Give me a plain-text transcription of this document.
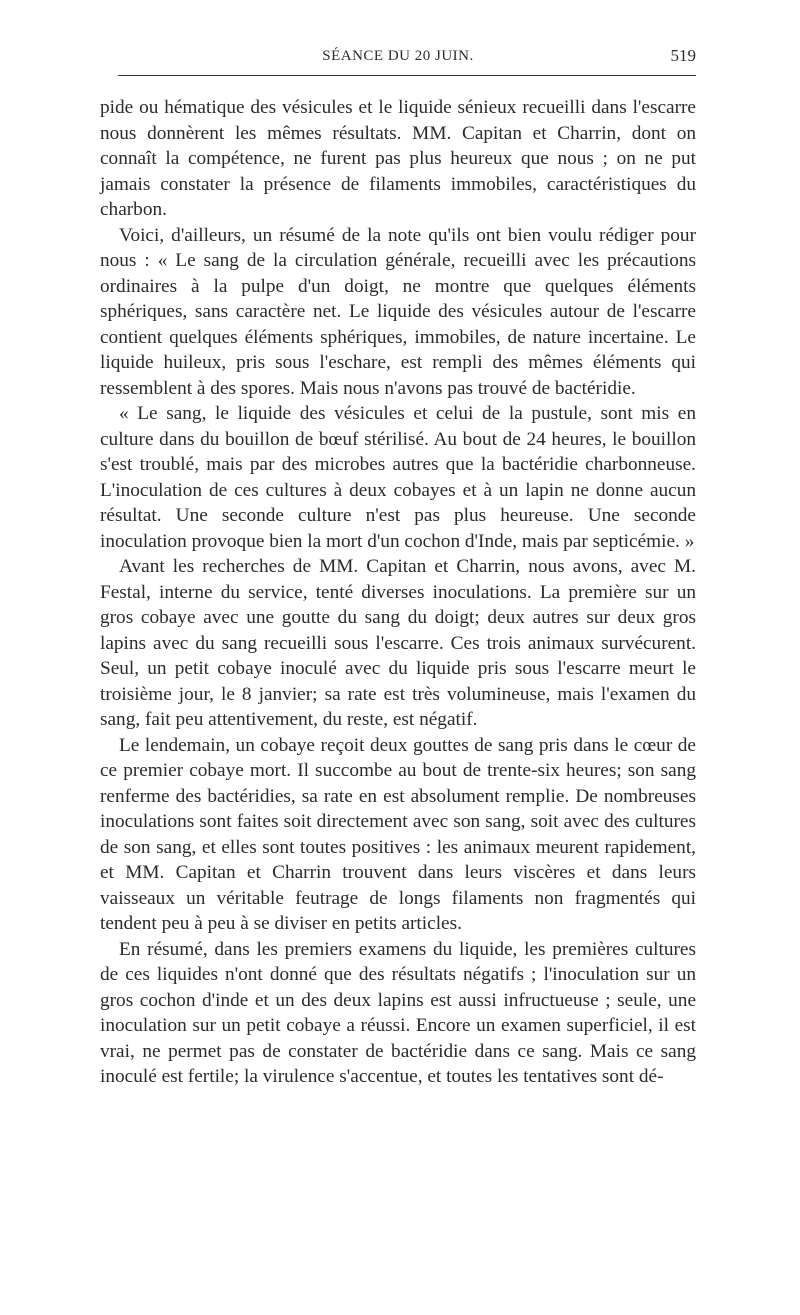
SÉANCE DU 20 JUIN.	519

pide ou hématique des vésicules et le liquide sénieux recueilli dans l'escarre nous donnèrent les mêmes résultats. MM. Capitan et Charrin, dont on connaît la compétence, ne furent pas plus heureux que nous ; on ne put jamais constater la présence de filaments immobiles, caractéristiques du charbon.

Voici, d'ailleurs, un résumé de la note qu'ils ont bien voulu rédiger pour nous : « Le sang de la circulation générale, recueilli avec les précautions ordinaires à la pulpe d'un doigt, ne montre que quelques éléments sphériques, sans caractère net. Le liquide des vésicules autour de l'escarre contient quelques éléments sphériques, immobiles, de nature incertaine. Le liquide huileux, pris sous l'eschare, est rempli des mêmes éléments qui ressemblent à des spores. Mais nous n'avons pas trouvé de bactéridie.

« Le sang, le liquide des vésicules et celui de la pustule, sont mis en culture dans du bouillon de bœuf stérilisé. Au bout de 24 heures, le bouillon s'est troublé, mais par des microbes autres que la bactéridie charbonneuse. L'inoculation de ces cultures à deux cobayes et à un lapin ne donne aucun résultat. Une seconde culture n'est pas plus heureuse. Une seconde inoculation provoque bien la mort d'un cochon d'Inde, mais par septicémie. »

Avant les recherches de MM. Capitan et Charrin, nous avons, avec M. Festal, interne du service, tenté diverses inoculations. La première sur un gros cobaye avec une goutte du sang du doigt; deux autres sur deux gros lapins avec du sang recueilli sous l'escarre. Ces trois animaux survécurent. Seul, un petit cobaye inoculé avec du liquide pris sous l'escarre meurt le troisième jour, le 8 janvier; sa rate est très volumineuse, mais l'examen du sang, fait peu attentivement, du reste, est négatif.

Le lendemain, un cobaye reçoit deux gouttes de sang pris dans le cœur de ce premier cobaye mort. Il succombe au bout de trente-six heures; son sang renferme des bactéridies, sa rate en est absolument remplie. De nombreuses inoculations sont faites soit directement avec son sang, soit avec des cultures de son sang, et elles sont toutes positives : les animaux meurent rapidement, et MM. Capitan et Charrin trouvent dans leurs viscères et dans leurs vaisseaux un véritable feutrage de longs filaments non fragmentés qui tendent peu à peu à se diviser en petits articles.

En résumé, dans les premiers examens du liquide, les premières cultures de ces liquides n'ont donné que des résultats négatifs ; l'inoculation sur un gros cochon d'inde et un des deux lapins est aussi infructueuse ; seule, une inoculation sur un petit cobaye a réussi. Encore un examen superficiel, il est vrai, ne permet pas de constater de bactéridie dans ce sang. Mais ce sang inoculé est fertile; la virulence s'accentue, et toutes les tentatives sont dé-
